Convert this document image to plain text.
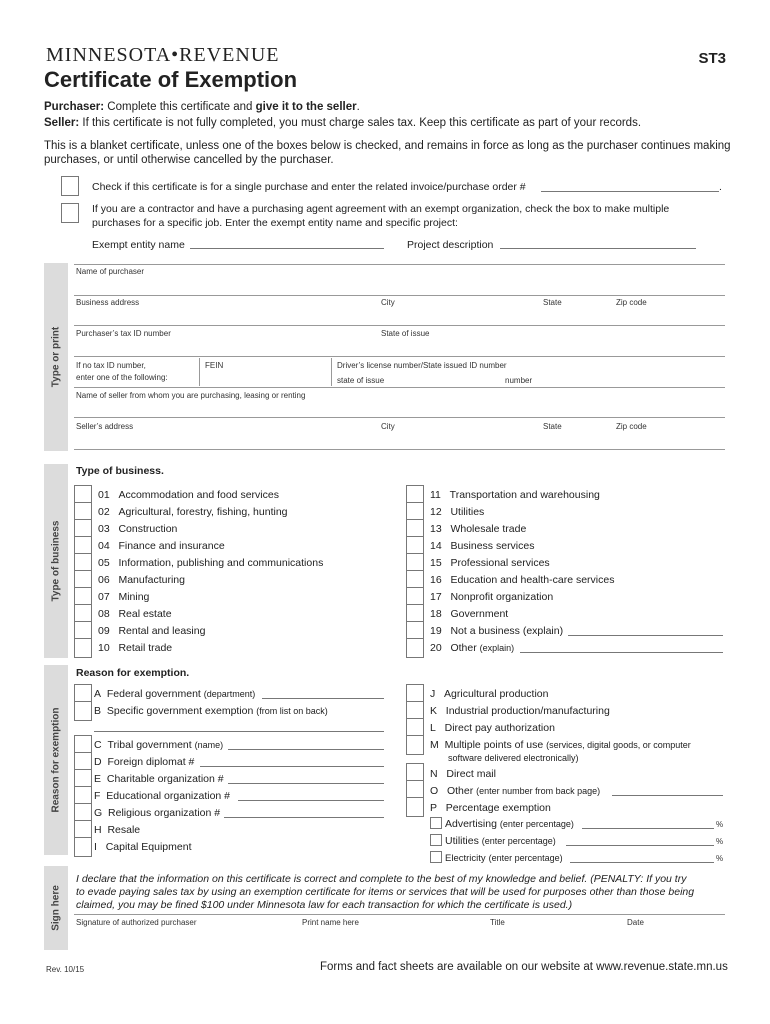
MINNESOTA•REVENUE	ST3
Certificate of Exemption
Purchaser: Complete this certificate and give it to the seller.
Seller: If this certificate is not fully completed, you must charge sales tax. Keep this certificate as part of your records.
This is a blanket certificate, unless one of the boxes below is checked, and remains in force as long as the purchaser continues making
purchases, or until otherwise cancelled by the purchaser.
Check if this certificate is for a single purchase and enter the related invoice/purchase order #	.
If you are a contractor and have a purchasing agent agreement with an exempt organization, check the box to make multiple
purchases for a specific job. Enter the exempt entity name and specific project:
Exempt entity name	Project description
Type or print
Name of purchaser
Business address	City	State	Zip code
Purchaser’s tax ID number	State of issue
If no tax ID number,
enter one of the following:
FEIN	Driver’s license number/State issued ID number
state of issue	number
Name of seller from whom you are purchasing, leasing or renting
Seller’s address	City	State	Zip code
Type of business
Type of business.
01 Accommodation and food services
02 Agricultural, forestry, fishing, hunting
03 Construction
04 Finance and insurance
05 Information, publishing and communications
06 Manufacturing
07 Mining
08 Real estate
09 Rental and leasing
10 Retail trade
11 Transportation and warehousing
12 Utilities
13 Wholesale trade
14 Business services
15 Professional services
16 Education and health-care services
17 Nonprofit organization
18 Government
19 Not a business (explain)
20 Other (explain)
Reason for exemption
Reason for exemption.
A Federal government (department)
B Specific government exemption (from list on back)
C Tribal government (name)
D Foreign diplomat #
E Charitable organization #
F Educational organization #
G Religious organization #
H Resale
I Capital Equipment
J Agricultural production
K Industrial production/manufacturing
L Direct pay authorization
M Multiple points of use (services, digital goods, or computer
software delivered electronically)
N Direct mail
O Other (enter number from back page)
P Percentage exemption
Advertising (enter percentage)	%
Utilities (enter percentage)	%
Electricity (enter percentage)	%
Sign here
I declare that the information on this certificate is correct and complete to the best of my knowledge and belief. (PENALTY: If you try
to evade paying sales tax by using an exemption certificate for items or services that will be used for purposes other than those being
claimed, you may be fined $100 under Minnesota law for each transaction for which the certificate is used.)
Signature of authorized purchaser	Print name here	Title	Date
Rev. 10/15	Forms and fact sheets are available on our website at www.revenue.state.mn.us
